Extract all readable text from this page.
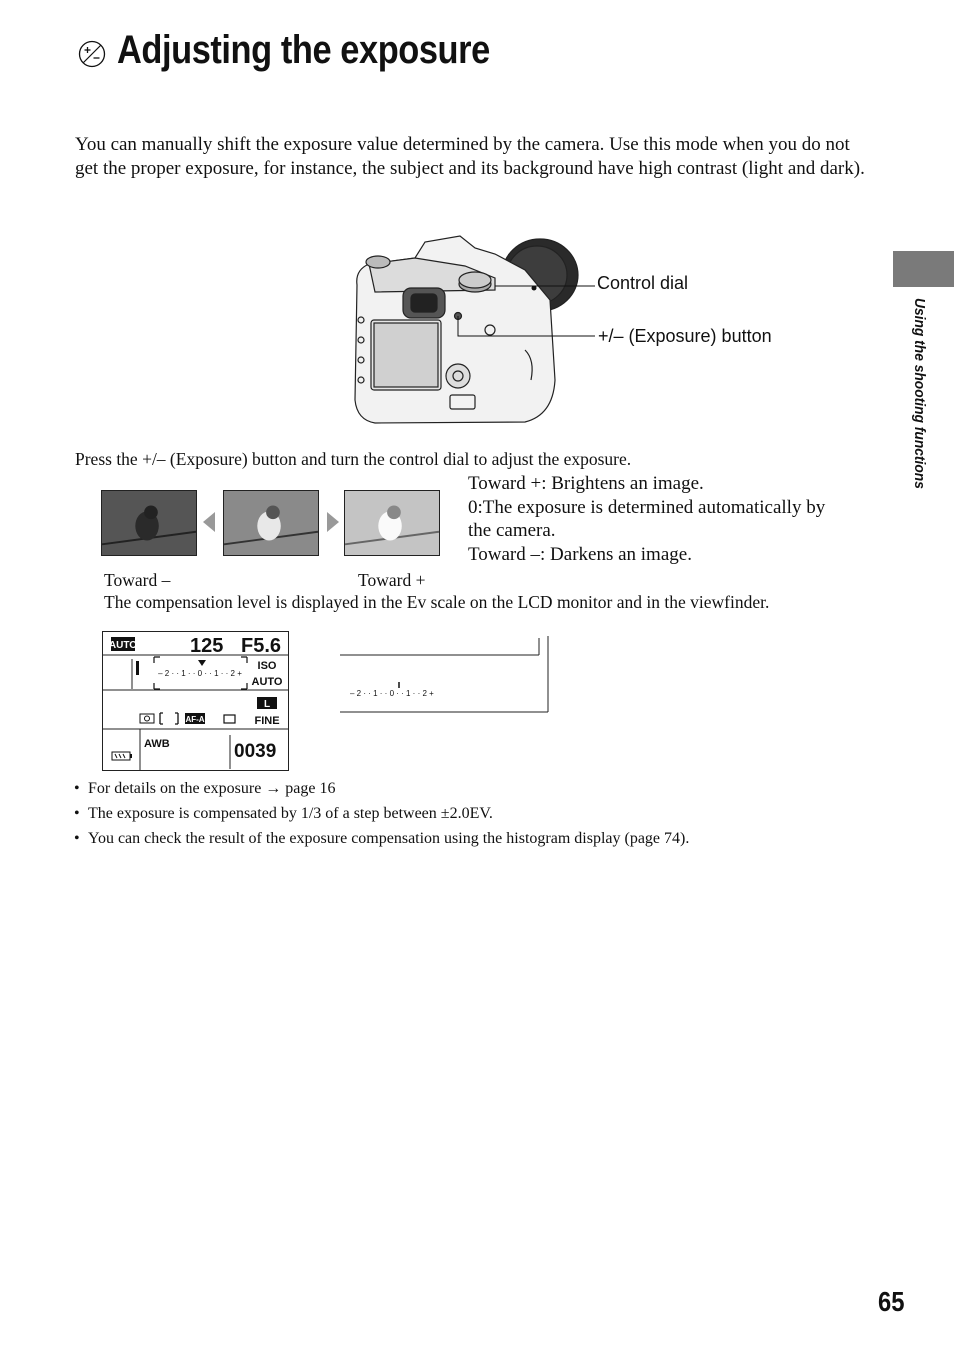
Adjusting the exposure

You can manually shift the exposure value determined by the camera. Use this mode when you do not get the proper exposure, for instance, the subject and its background have high contrast (light and dark).

Using the shooting functions
Control dial
+/– (Exposure) button

Press the +/– (Exposure) button and turn the control dial to adjust the exposure.

Toward +: Brightens an image.
0:The exposure is determined automatically by
the camera.
Toward –: Darkens an image.
Toward –	Toward +

The compensation level is displayed in the Ev scale on the LCD monitor and in the viewfinder.

AUTO	125 F5.6
– 2 · · 1 · · 0 · · 1 · · 2 +
ISO
AUTO
AF-A
L
FINE
AWB	0039
– 2 · · 1 · · 0 · · 1 · · 2 +
• For details on the exposure → page 16
• The exposure is compensated by 1/3 of a step between ±2.0EV.
• You can check the result of the exposure compensation using the histogram display (page 74).
65
